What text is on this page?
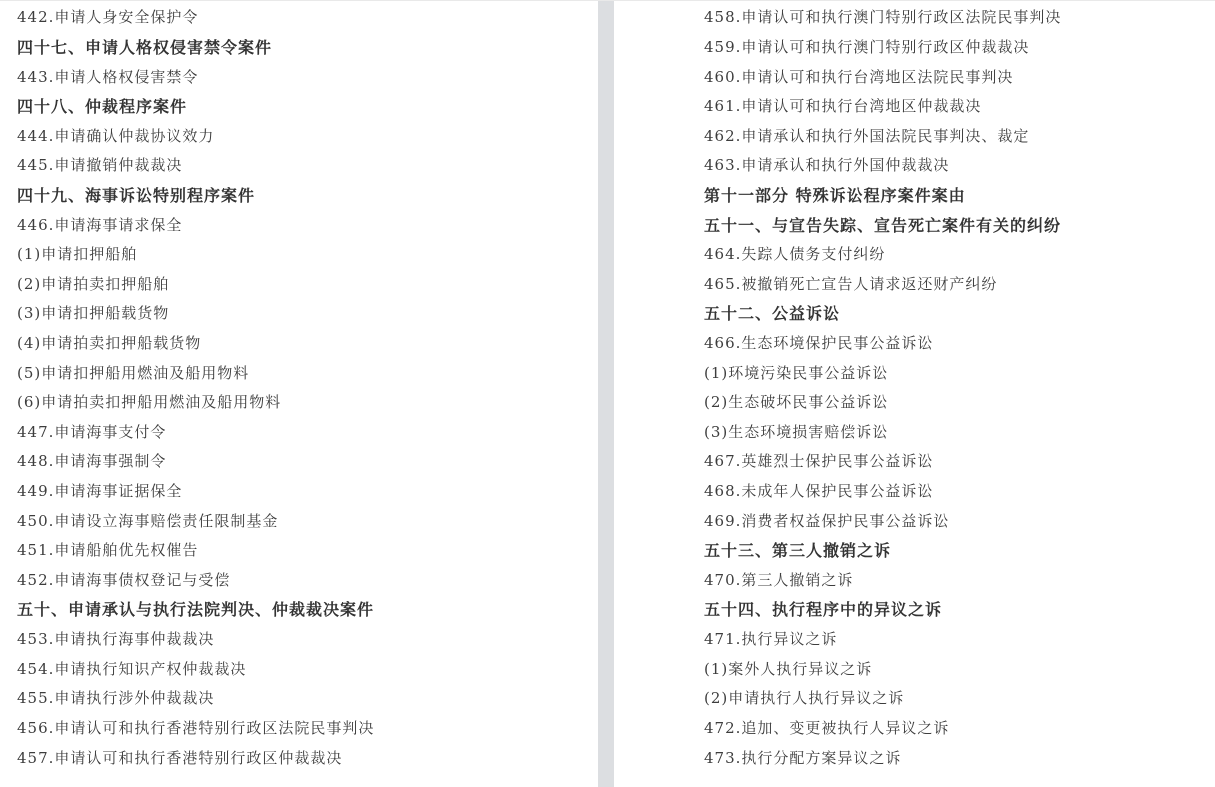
442.申请人身安全保护令
四十七、申请人格权侵害禁令案件
443.申请人格权侵害禁令
四十八、仲裁程序案件
444.申请确认仲裁协议效力
445.申请撤销仲裁裁决
四十九、海事诉讼特别程序案件
446.申请海事请求保全
(1)申请扣押船舶
(2)申请拍卖扣押船舶
(3)申请扣押船载货物
(4)申请拍卖扣押船载货物
(5)申请扣押船用燃油及船用物料
(6)申请拍卖扣押船用燃油及船用物料
447.申请海事支付令
448.申请海事强制令
449.申请海事证据保全
450.申请设立海事赔偿责任限制基金
451.申请船舶优先权催告
452.申请海事债权登记与受偿
五十、申请承认与执行法院判决、仲裁裁决案件
453.申请执行海事仲裁裁决
454.申请执行知识产权仲裁裁决
455.申请执行涉外仲裁裁决
456.申请认可和执行香港特别行政区法院民事判决
457.申请认可和执行香港特别行政区仲裁裁决
458.申请认可和执行澳门特别行政区法院民事判决
459.申请认可和执行澳门特别行政区仲裁裁决
460.申请认可和执行台湾地区法院民事判决
461.申请认可和执行台湾地区仲裁裁决
462.申请承认和执行外国法院民事判决、裁定
463.申请承认和执行外国仲裁裁决
第十一部分 特殊诉讼程序案件案由
五十一、与宣告失踪、宣告死亡案件有关的纠纷
464.失踪人债务支付纠纷
465.被撤销死亡宣告人请求返还财产纠纷
五十二、公益诉讼
466.生态环境保护民事公益诉讼
(1)环境污染民事公益诉讼
(2)生态破坏民事公益诉讼
(3)生态环境损害赔偿诉讼
467.英雄烈士保护民事公益诉讼
468.未成年人保护民事公益诉讼
469.消费者权益保护民事公益诉讼
五十三、第三人撤销之诉
470.第三人撤销之诉
五十四、执行程序中的异议之诉
471.执行异议之诉
(1)案外人执行异议之诉
(2)申请执行人执行异议之诉
472.追加、变更被执行人异议之诉
473.执行分配方案异议之诉
